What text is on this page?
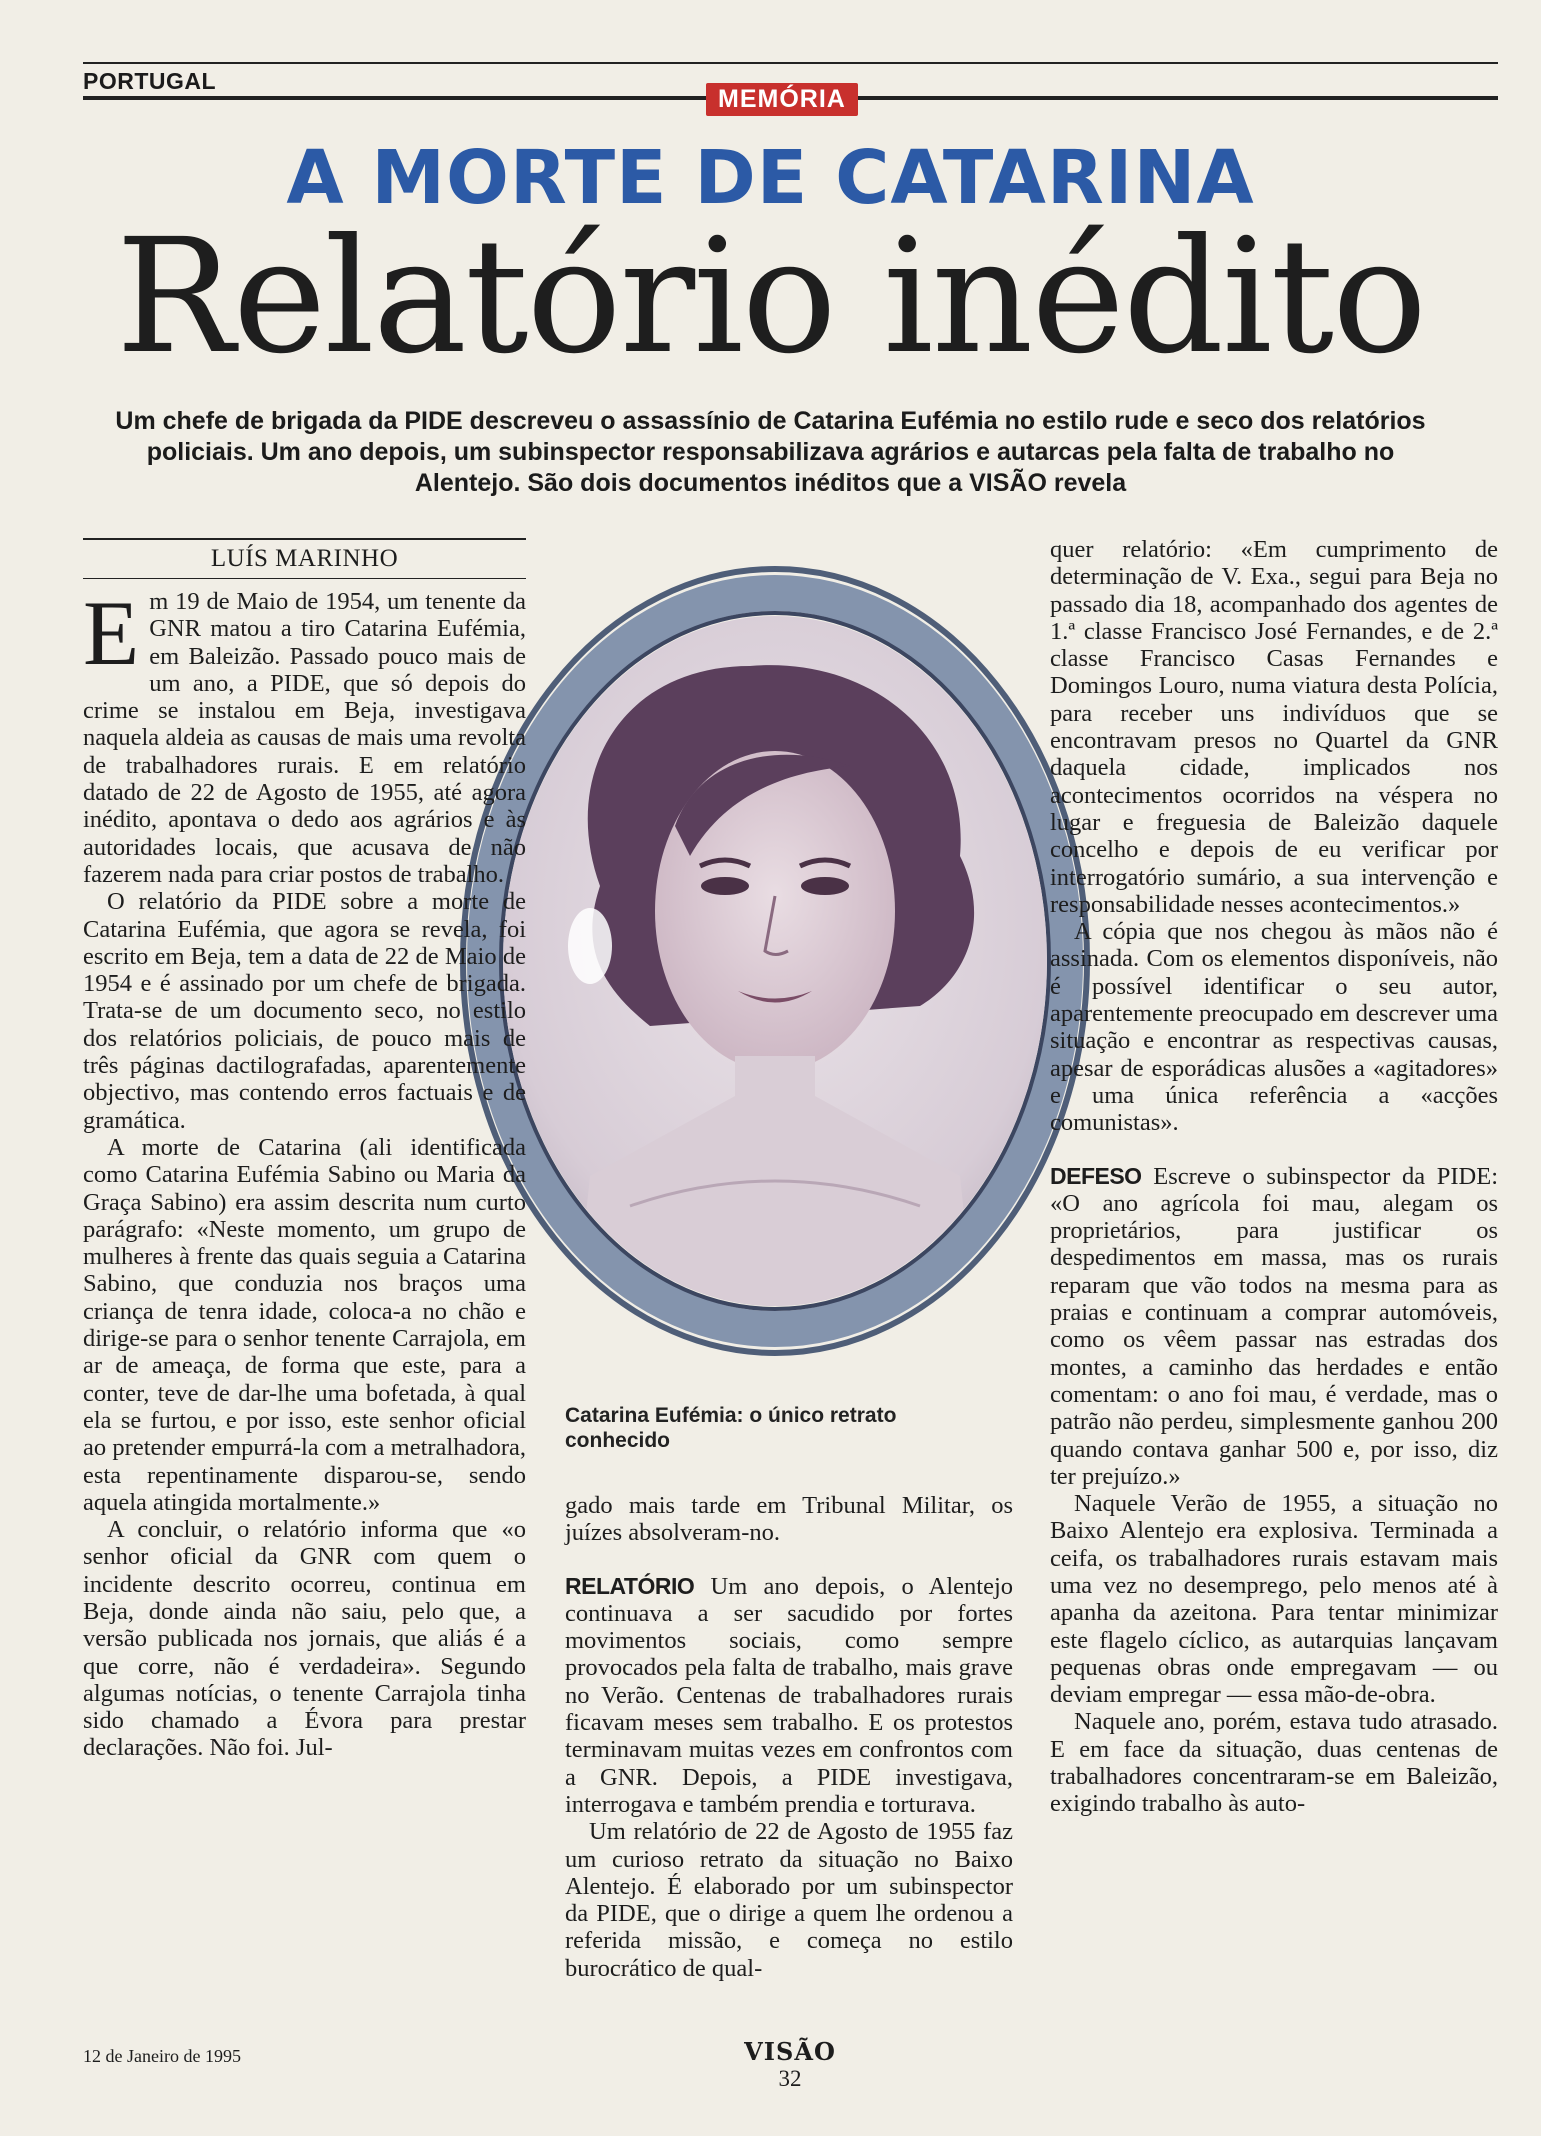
PORTUGAL
MEMÓRIA
A MORTE DE CATARINA
Relatório inédito
Um chefe de brigada da PIDE descreveu o assassínio de Catarina Eufémia no estilo rude e seco dos relatórios policiais. Um ano depois, um subinspector responsabilizava agrários e autarcas pela falta de trabalho no Alentejo. São dois documentos inéditos que a VISÃO revela
LUÍS MARINHO
Catarina Eufémia: o único retrato conhecido

Em 19 de Maio de 1954, um tenente da GNR matou a tiro Catarina Eufémia, em Baleizão. Passado pouco mais de um ano, a PIDE, que só depois do crime se instalou em Beja, investigava naquela aldeia as causas de mais uma revolta de trabalhadores rurais. E em relatório datado de 22 de Agosto de 1955, até agora inédito, apontava o dedo aos agrários e às autoridades locais, que acusava de não fazerem nada para criar postos de trabalho.

O relatório da PIDE sobre a morte de Catarina Eufémia, que agora se revela, foi escrito em Beja, tem a data de 22 de Maio de 1954 e é assinado por um chefe de brigada. Trata-se de um documento seco, no estilo dos relatórios policiais, de pouco mais de três páginas dactilografadas, aparentemente objectivo, mas contendo erros factuais e de gramática.

A morte de Catarina (ali identificada como Catarina Eufémia Sabino ou Maria da Graça Sabino) era assim descrita num curto parágrafo: «Neste momento, um grupo de mulheres à frente das quais seguia a Catarina Sabino, que conduzia nos braços uma criança de tenra idade, coloca-a no chão e dirige-se para o senhor tenente Carrajola, em ar de ameaça, de forma que este, para a conter, teve de dar-lhe uma bofetada, à qual ela se furtou, e por isso, este senhor oficial ao pretender empurrá-la com a metralhadora, esta repentinamente disparou-se, sendo aquela atingida mortalmente.»

A concluir, o relatório informa que «o senhor oficial da GNR com quem o incidente descrito ocorreu, continua em Beja, donde ainda não saiu, pelo que, a versão publicada nos jornais, que aliás é a que corre, não é verdadeira». Segundo algumas notícias, o tenente Carrajola tinha sido chamado a Évora para prestar declarações. Não foi. Jul-

gado mais tarde em Tribunal Militar, os juízes absolveram-no.

RELATÓRIO Um ano depois, o Alentejo continuava a ser sacudido por fortes movimentos sociais, como sempre provocados pela falta de trabalho, mais grave no Verão. Centenas de trabalhadores rurais ficavam meses sem trabalho. E os protestos terminavam muitas vezes em confrontos com a GNR. Depois, a PIDE investigava, interrogava e também prendia e torturava.

Um relatório de 22 de Agosto de 1955 faz um curioso retrato da situação no Baixo Alentejo. É elaborado por um subinspector da PIDE, que o dirige a quem lhe ordenou a referida missão, e começa no estilo burocrático de qual-

quer relatório: «Em cumprimento de determinação de V. Exa., segui para Beja no passado dia 18, acompanhado dos agentes de 1.ª classe Francisco José Fernandes, e de 2.ª classe Francisco Casas Fernandes e Domingos Louro, numa viatura desta Polícia, para receber uns indivíduos que se encontravam presos no Quartel da GNR daquela cidade, implicados nos acontecimentos ocorridos na véspera no lugar e freguesia de Baleizão daquele concelho e depois de eu verificar por interrogatório sumário, a sua intervenção e responsabilidade nesses acontecimentos.»

A cópia que nos chegou às mãos não é assinada. Com os elementos disponíveis, não é possível identificar o seu autor, aparentemente preocupado em descrever uma situação e encontrar as respectivas causas, apesar de esporádicas alusões a «agitadores» e uma única referência a «acções comunistas».

DEFESO Escreve o subinspector da PIDE: «O ano agrícola foi mau, alegam os proprietários, para justificar os despedimentos em massa, mas os rurais reparam que vão todos na mesma para as praias e continuam a comprar automóveis, como os vêem passar nas estradas dos montes, a caminho das herdades e então comentam: o ano foi mau, é verdade, mas o patrão não perdeu, simplesmente ganhou 200 quando contava ganhar 500 e, por isso, diz ter prejuízo.»

Naquele Verão de 1955, a situação no Baixo Alentejo era explosiva. Terminada a ceifa, os trabalhadores rurais estavam mais uma vez no desemprego, pelo menos até à apanha da azeitona. Para tentar minimizar este flagelo cíclico, as autarquias lançavam pequenas obras onde empregavam — ou deviam empregar — essa mão-de-obra.

Naquele ano, porém, estava tudo atrasado. E em face da situação, duas centenas de trabalhadores concentraram-se em Baleizão, exigindo trabalho às auto-

12 de Janeiro de 1995	VISÃO
32
